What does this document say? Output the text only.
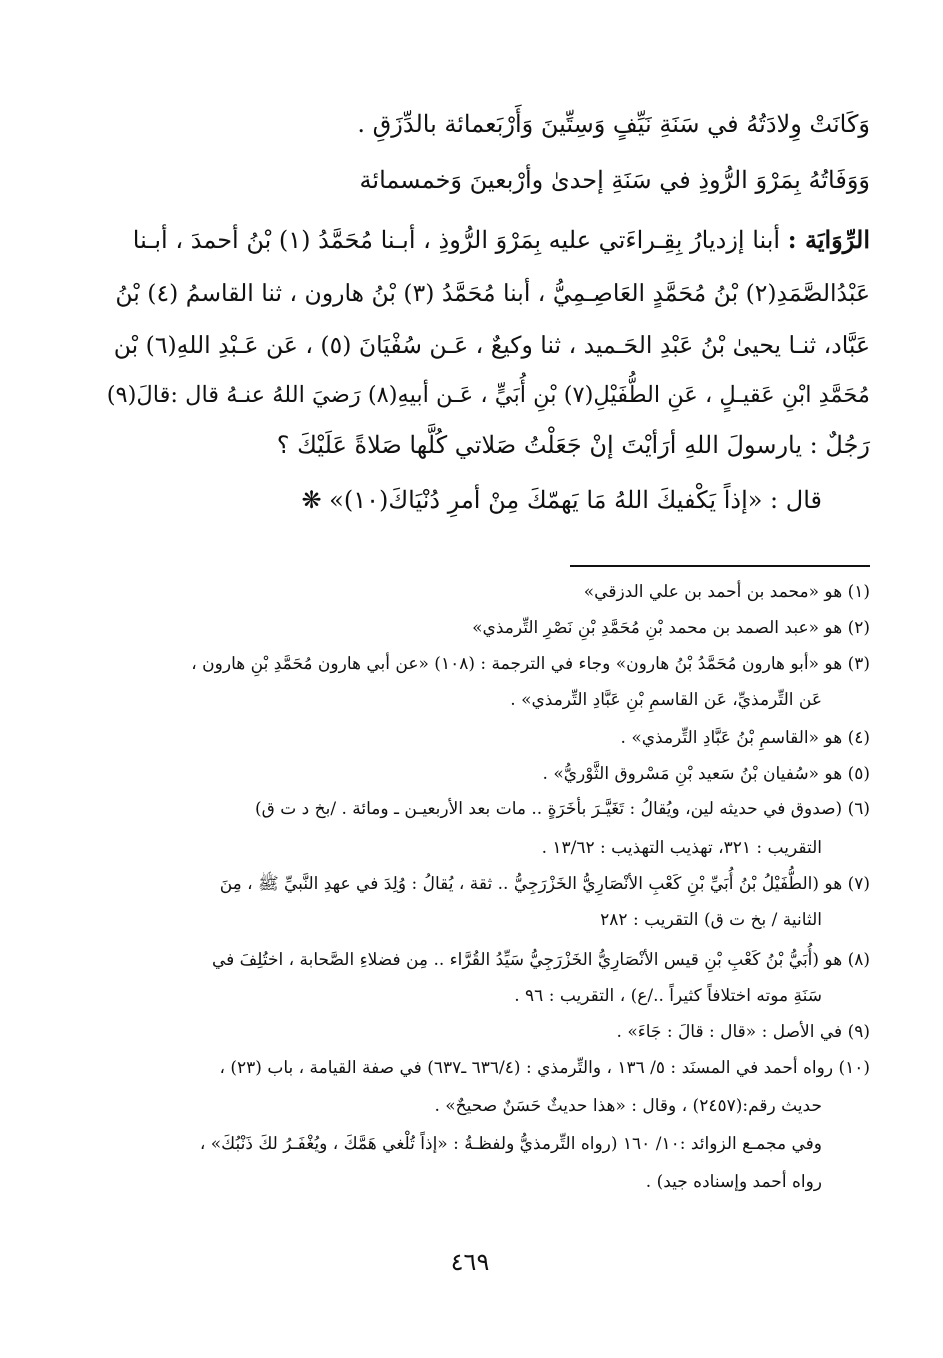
وَكَانَتْ وِلادَتُهُ في سَنَةِ نَيِّفٍ وَسِتِّينَ وَأَرْبَعمائة بالدِّزَقِ .
وَوَفَاتُهُ بِمَرْوَ الرُّوذِ في سَنَةِ إحدىٰ وأرْبعينَ وَخمسمائة
الرِّوَايَة : أبنا إزديارُ بِقِـراءَتي عليه بِمَرْوَ الرُّوذِ ، أبـنا مُحَمَّدُ (١) بْنُ أحمدَ ، أبـنا
عَبْدُالصَّمَدِ(٢) بْنُ مُحَمَّدٍ العَاصِـمِيُّ ، أبنا مُحَمَّدُ (٣) بْنُ هارون ، ثنا القاسمُ (٤) بْنُ
عَبَّاد، ثنـا يحيىٰ بْنُ عَبْدِ الحَـميد ، ثنا وكيعٌ ، عَـن سُفْيَانَ (٥) ، عَن عَـبْدِ اللهِ(٦) بْن
مُحَمَّدِ ابْنِ عَقيـلٍ ، عَنِ الطُّفَيْلِ(٧) بْنِ أُبَيٍّ ، عَـن أبيهِ(٨) رَضيَ اللهُ عنـهُ قال :قالَ(٩)
رَجُلٌ : يارسولَ اللهِ أرَأيْتَ إنْ جَعَلْتُ صَلاتي كُلَّها صَلاةً عَلَيْكَ ؟
قال : «إذاً يَكْفيكَ اللهُ مَا يَهمّكَ مِنْ أمرِ دُنْيَاكَ(١٠)» ❋
(١) هو «محمد بن أحمد بن علي الدزقي»
(٢) هو «عبد الصمد بن محمد بْنِ مُحَمَّدِ بْنِ نَصْرِ التِّرمذي»
(٣) هو «أبو هارون مُحَمَّدُ بْنُ هارون» وجاء في الترجمة : (١٠٨) «عن أبي هارون مُحَمَّدِ بْنِ هارون ،
عَن التِّرمذيِّ، عَن القاسمِ بْنِ عَبَّادِ التِّرمذي» .
(٤) هو «القاسمِ بْنُ عَبَّادِ التِّرمذي» .
(٥) هو «سُفيان بْنُ سَعيد بْنِ مَسْروق الثَّوْريُّ» .
(٦) (صدوق في حديثه لين، ويُقالُ : تَغَيَّـرَ بأخَرَةٍ .. مات بعد الأربعيـن ـ ومائة . /بخ د ت ق)
التقريب : ٣٢١، تهذيب التهذيب : ١٣/٦٢ .
(٧) هو (الطُّفَيْلُ بْنُ أُبَيِّ بْنِ كَعْبِ الأنْصَارِيُّ الخَزْرَجِيُّ .. ثقة ، يُقالُ : وُلِدَ في عهدِ النَّبيِّ ﷺ ، مِنَ
الثانية / بخ ت ق) التقريب : ٢٨٢
(٨) هو (أُبَيُّ بْنُ كَعْبِ بْنِ قيس الأنْصَارِيُّ الخَزْرَجِيُّ سَيِّدُ القُرَّاء .. مِن فضلاءِ الصَّحابة ، اختُلِفَ في
سَنَةِ موته اختلافاً كثيراً ../ع) ، التقريب : ٩٦ .
(٩) في الأصل : «قال : قالَ : جَاءَ» .
(١٠) رواه أحمد في المسنَد : ٥/ ١٣٦ ، والتِّرمذي : (٦٣٦/٤ ـ٦٣٧) في صفة القيامة ، باب (٢٣) ،
حديث رقم:(٢٤٥٧) ، وقال : «هذا حديثٌ حَسَنٌ صحيحٌ» .
وفي مجمـع الزوائد :١٠/ ١٦٠ (رواه التِّرمذيُّ ولفظـةُ : «إذاً تُلْغي هَمَّكَ ، ويُغْفَـرُ لكَ ذَنْبُكَ» ،
رواه أحمد وإسناده جيد) .
٤٦٩
